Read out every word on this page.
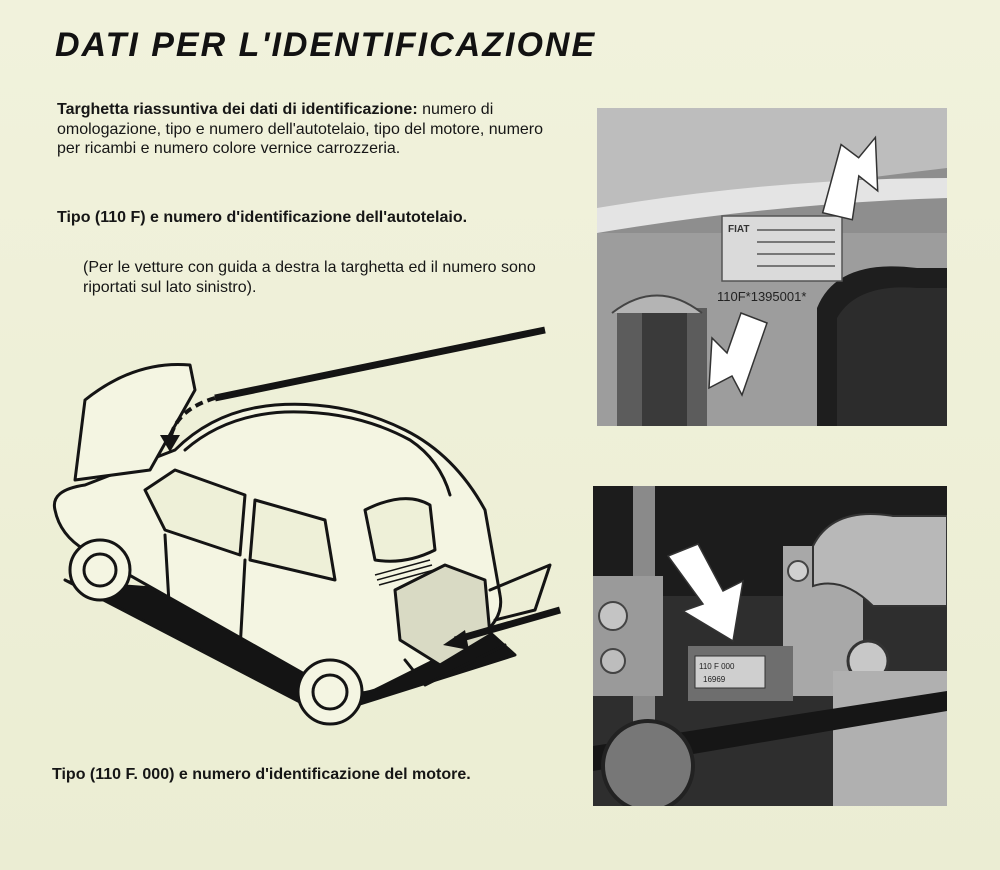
DATI PER L'IDENTIFICAZIONE
Targhetta riassuntiva dei dati di identificazione: numero di omologazione, tipo e numero dell'autotelaio, tipo del motore, numero per ricambi e numero colore vernice carrozzeria.
Tipo (110 F) e numero d'identificazione dell'autotelaio.
(Per le vetture con guida a destra la targhetta ed il numero sono riportati sul lato sinistro).
Tipo (110 F. 000) e numero d'identificazione del motore.
FIAT
110F*1395001*
110 F 000
16969
